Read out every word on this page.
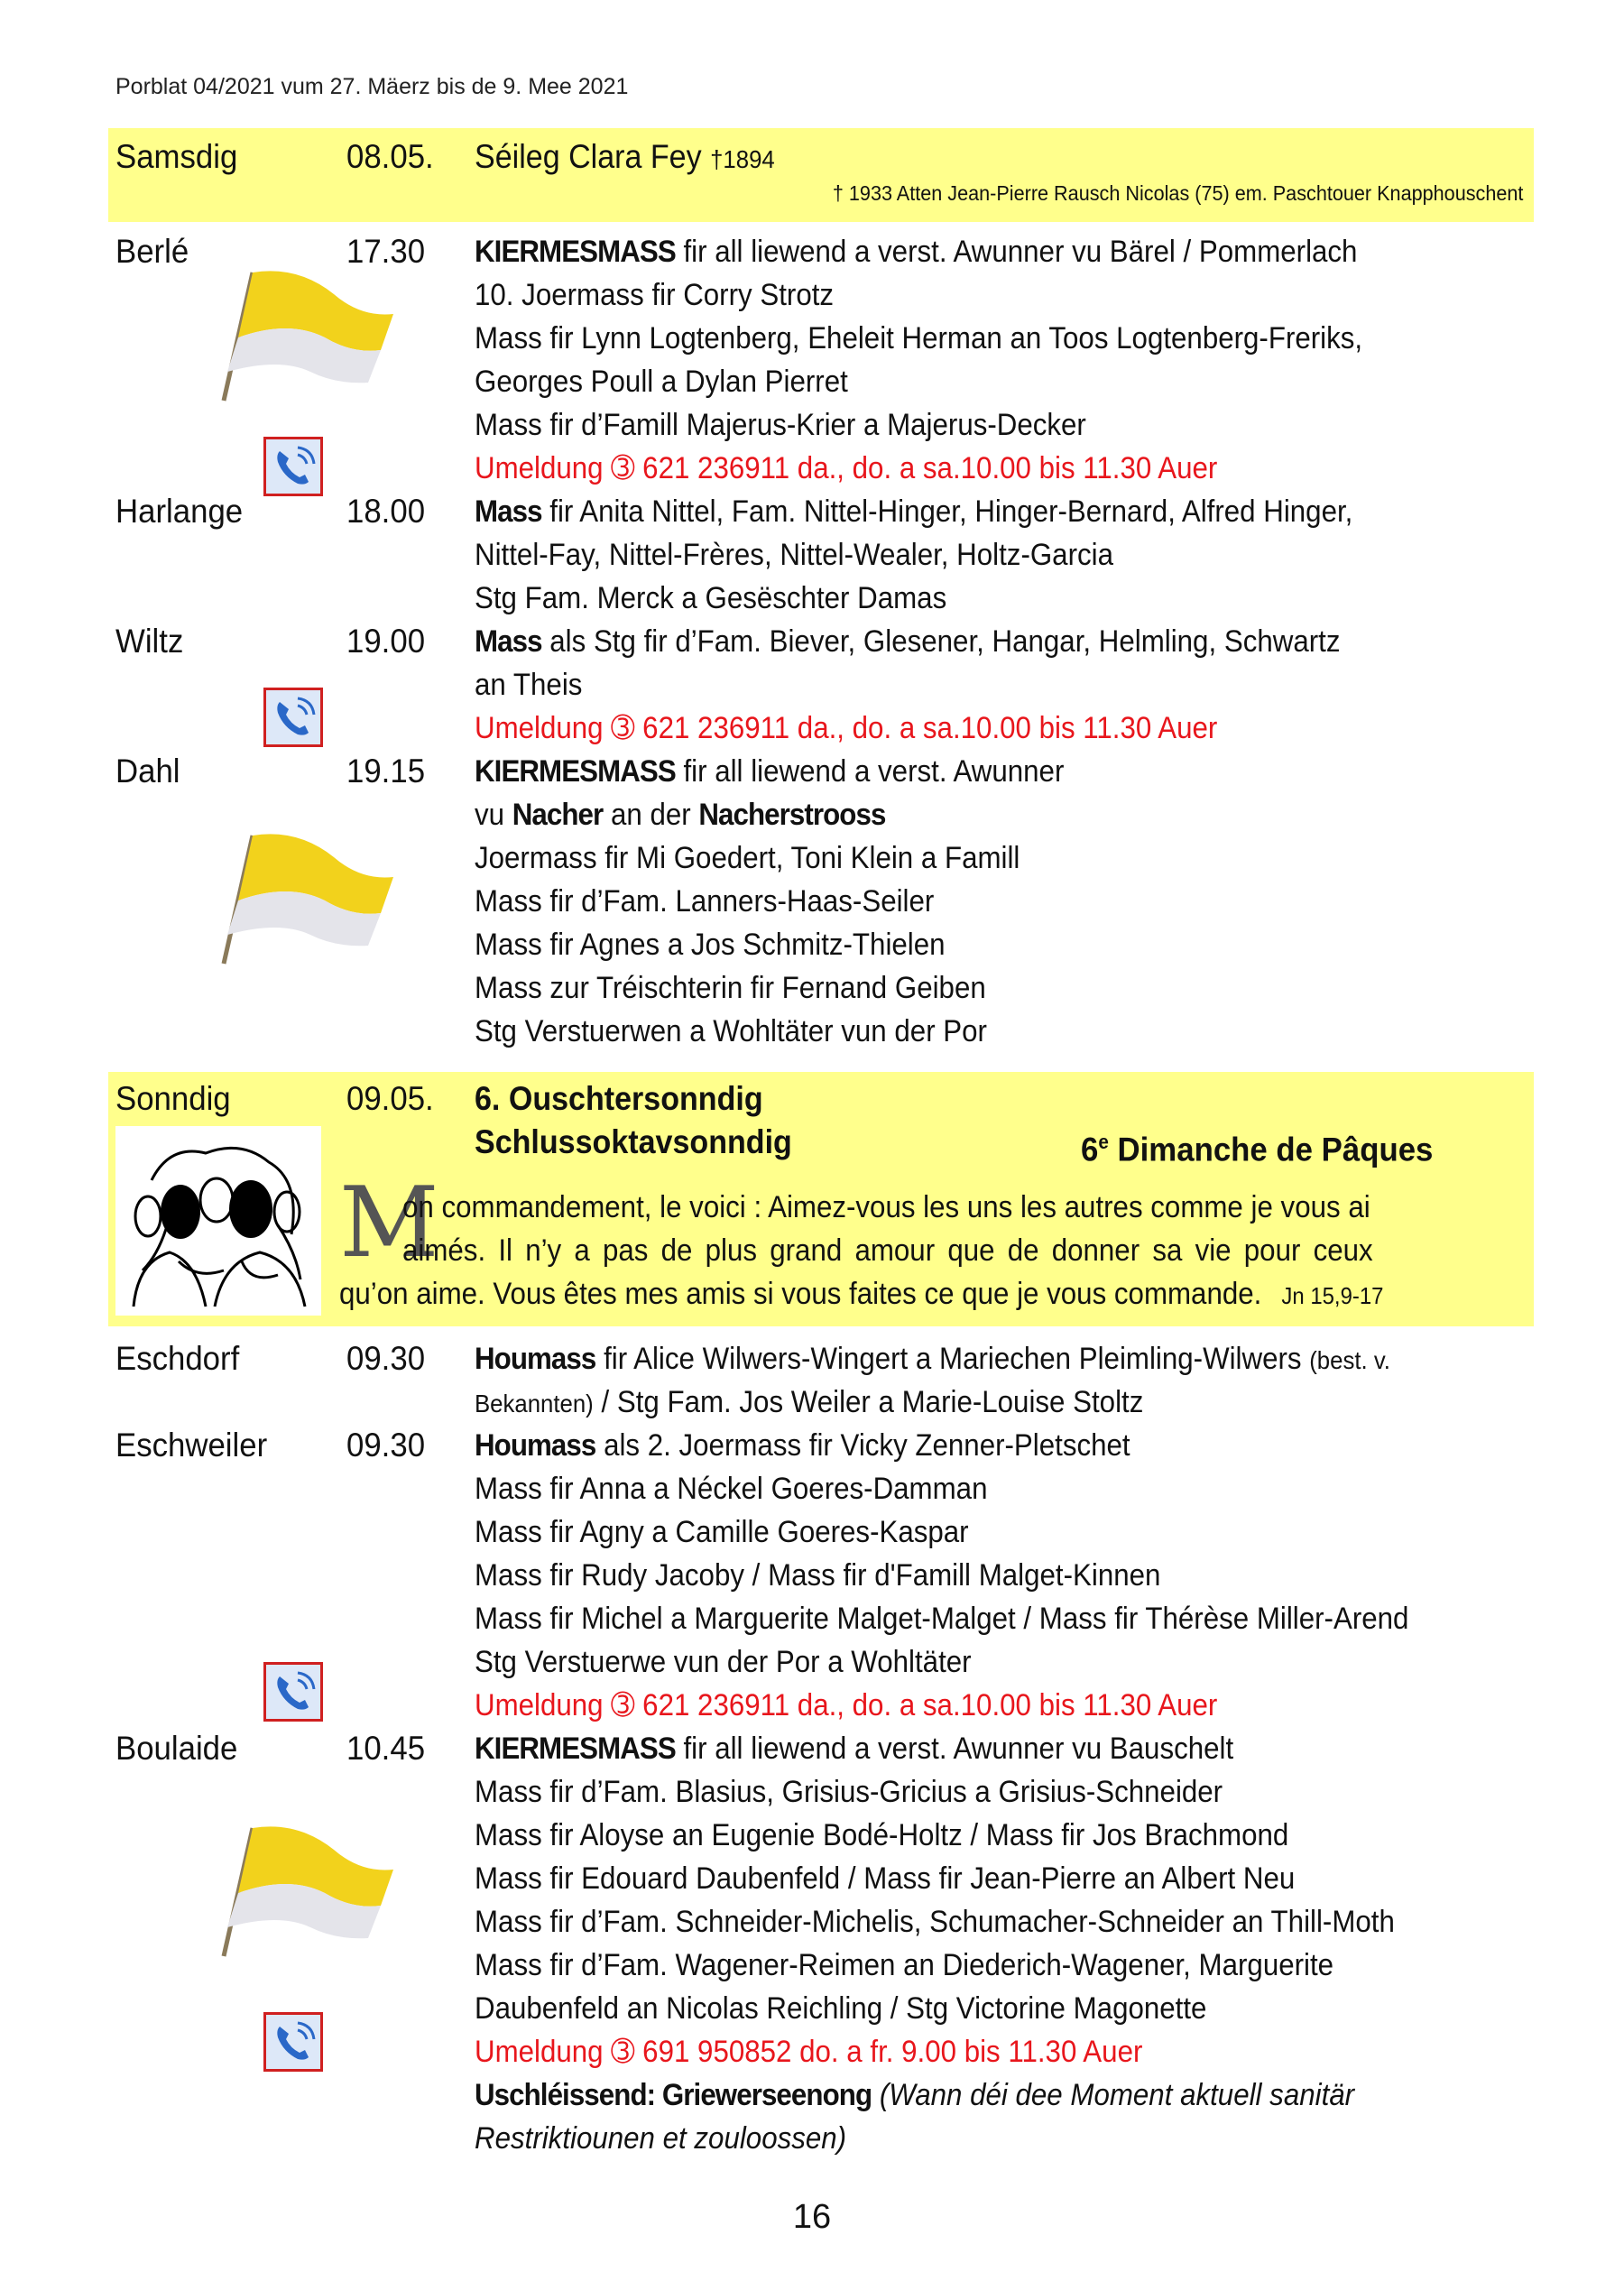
Porblat 04/2021 vum 27. Mäerz bis de 9. Mee 2021
Samsdig	08.05. Séileg Clara Fey †1894
† 1933 Atten Jean-Pierre Rausch Nicolas (75) em. Paschtouer Knapphouschent
Berlé	17.30 KIERMESMASS fir all liewend a verst. Awunner vu Bärel / Pommerlach
10. Joermass fir Corry Strotz
Mass fir Lynn Logtenberg, Eheleit Herman an Toos Logtenberg-Freriks,
Georges Poull a Dylan Pierret
Mass fir d’Famill Majerus-Krier a Majerus-Decker
Umeldung ➂ 621 236911 da., do. a sa.10.00 bis 11.30 Auer
Harlange	18.00 Mass fir Anita Nittel, Fam. Nittel-Hinger, Hinger-Bernard, Alfred Hinger,
Nittel-Fay, Nittel-Frères, Nittel-Wealer, Holtz-Garcia
Stg Fam. Merck a Gesëschter Damas
Wiltz	19.00 Mass als Stg fir d’Fam. Biever, Glesener, Hangar, Helmling, Schwartz
an Theis
Umeldung ➂ 621 236911 da., do. a sa.10.00 bis 11.30 Auer
Dahl	19.15 KIERMESMASS fir all liewend a verst. Awunner
vu Nacher an der Nacherstrooss
Joermass fir Mi Goedert, Toni Klein a Famill
Mass fir d’Fam. Lanners-Haas-Seiler
Mass fir Agnes a Jos Schmitz-Thielen
Mass zur Tréischterin fir Fernand Geiben
Stg Verstuerwen a Wohltäter vun der Por
Sonndig	09.05. 6. Ouschtersonndig
Schlussoktavsonndig	6e Dimanche de Pâques
M
on commandement, le voici : Aimez-vous les uns les autres comme je vous ai
aimés. Il n’y a pas de plus grand amour que de donner sa vie pour ceux
qu’on aime. Vous êtes mes amis si vous faites ce que je vous commande. Jn 15,9-17
Eschdorf	09.30 Houmass fir Alice Wilwers-Wingert a Mariechen Pleimling-Wilwers (best. v.
Bekannten) / Stg Fam. Jos Weiler a Marie-Louise Stoltz
Eschweiler 09.30 Houmass als 2. Joermass fir Vicky Zenner-Pletschet
Mass fir Anna a Néckel Goeres-Damman
Mass fir Agny a Camille Goeres-Kaspar
Mass fir Rudy Jacoby / Mass fir d'Famill Malget-Kinnen
Mass fir Michel a Marguerite Malget-Malget / Mass fir Thérèse Miller-Arend
Stg Verstuerwe vun der Por a Wohltäter
Umeldung ➂ 621 236911 da., do. a sa.10.00 bis 11.30 Auer
Boulaide	10.45 KIERMESMASS fir all liewend a verst. Awunner vu Bauschelt
Mass fir d’Fam. Blasius, Grisius-Gricius a Grisius-Schneider
Mass fir Aloyse an Eugenie Bodé-Holtz / Mass fir Jos Brachmond
Mass fir Edouard Daubenfeld / Mass fir Jean-Pierre an Albert Neu
Mass fir d’Fam. Schneider-Michelis, Schumacher-Schneider an Thill-Moth
Mass fir d’Fam. Wagener-Reimen an Diederich-Wagener, Marguerite
Daubenfeld an Nicolas Reichling / Stg Victorine Magonette
Umeldung ➂ 691 950852 do. a fr. 9.00 bis 11.30 Auer
Uschléissend: Griewerseenong (Wann déi dee Moment aktuell sanitär
Restriktiounen et zouloossen)
16
